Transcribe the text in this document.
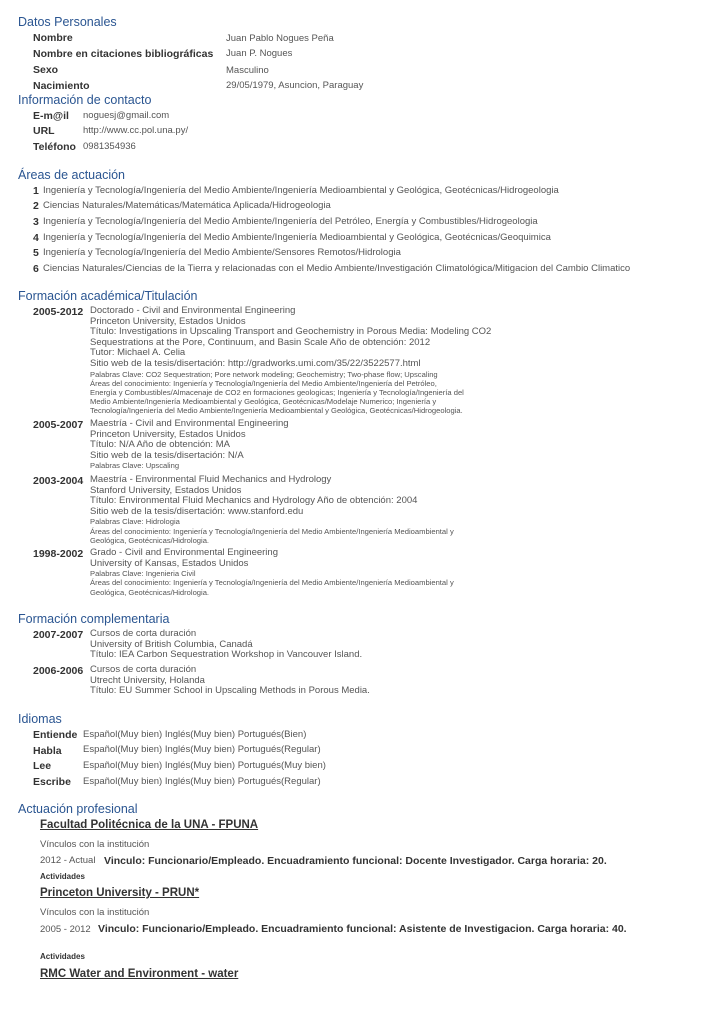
Datos Personales
Nombre	Juan Pablo Nogues Peña
Nombre en citaciones bibliográficas Juan P. Nogues
Sexo	Masculino
Nacimiento	29/05/1979, Asuncion, Paraguay
Información de contacto
E-m@il noguesj@gmail.com
URL	http://www.cc.pol.una.py/
Teléfono 0981354936
Áreas de actuación
1 Ingeniería y Tecnología/Ingeniería del Medio Ambiente/Ingeniería Medioambiental y Geológica, Geotécnicas/Hidrogeologia
2 Ciencias Naturales/Matemáticas/Matemática Aplicada/Hidrogeologia
3 Ingeniería y Tecnología/Ingeniería del Medio Ambiente/Ingeniería del Petróleo, Energía y Combustibles/Hidrogeologia
4 Ingeniería y Tecnología/Ingeniería del Medio Ambiente/Ingeniería Medioambiental y Geológica, Geotécnicas/Geoquimica
5 Ingeniería y Tecnología/Ingeniería del Medio Ambiente/Sensores Remotos/Hidrologia
6 Ciencias Naturales/Ciencias de la Tierra y relacionadas con el Medio Ambiente/Investigación Climatológica/Mitigacion del Cambio Climatico
Formación académica/Titulación
2005-2012 Doctorado - Civil and Environmental Engineering
Princeton University, Estados Unidos
Título: Investigations in Upscaling Transport and Geochemistry in Porous Media: Modeling CO2
Sequestrations at the Pore, Continuum, and Basin Scale Año de obtención: 2012
Tutor: Michael A. Celia
Sitio web de la tesis/disertación: http://gradworks.umi.com/35/22/3522577.html
Palabras Clave: CO2 Sequestration; Pore network modeling; Geochemistry; Two-phase flow; Upscaling
Áreas del conocimiento: Ingeniería y Tecnología/Ingeniería del Medio Ambiente/Ingeniería del Petróleo,
Energía y Combustibles/Almacenaje de CO2 en formaciones geologicas; Ingeniería y Tecnología/Ingeniería del
Medio Ambiente/Ingeniería Medioambiental y Geológica, Geotécnicas/Modelaje Numerico; Ingeniería y
Tecnología/Ingeniería del Medio Ambiente/Ingeniería Medioambiental y Geológica, Geotécnicas/Hidrogeologia.
2005-2007 Maestría - Civil and Environmental Engineering
Princeton University, Estados Unidos
Título: N/A Año de obtención: MA
Sitio web de la tesis/disertación: N/A
Palabras Clave: Upscaling
2003-2004 Maestría - Environmental Fluid Mechanics and Hydrology
Stanford University, Estados Unidos
Título: Environmental Fluid Mechanics and Hydrology Año de obtención: 2004
Sitio web de la tesis/disertación: www.stanford.edu
Palabras Clave: Hidrologia
Áreas del conocimiento: Ingeniería y Tecnología/Ingeniería del Medio Ambiente/Ingeniería Medioambiental y
Geológica, Geotécnicas/Hidrologia.
1998-2002 Grado - Civil and Environmental Engineering
University of Kansas, Estados Unidos
Palabras Clave: Ingenieria Civil
Áreas del conocimiento: Ingeniería y Tecnología/Ingeniería del Medio Ambiente/Ingeniería Medioambiental y
Geológica, Geotécnicas/Hidrologia.
Formación complementaria
2007-2007 Cursos de corta duración
University of British Columbia, Canadá
Título: IEA Carbon Sequestration Workshop in Vancouver Island.
2006-2006 Cursos de corta duración
Utrecht University, Holanda
Título: EU Summer School in Upscaling Methods in Porous Media.
Idiomas
Entiende Español(Muy bien) Inglés(Muy bien) Portugués(Bien)
Habla Español(Muy bien) Inglés(Muy bien) Portugués(Regular)
Lee	Español(Muy bien) Inglés(Muy bien) Portugués(Muy bien)
Escribe Español(Muy bien) Inglés(Muy bien) Portugués(Regular)
Actuación profesional
Facultad Politécnica de la UNA - FPUNA
Vínculos con la institución
2012 - Actual Vinculo: Funcionario/Empleado. Encuadramiento funcional: Docente Investigador. Carga horaria: 20.
Actividades
Princeton University - PRUN*
Vínculos con la institución
2005 - 2012 Vinculo: Funcionario/Empleado. Encuadramiento funcional: Asistente de Investigacion. Carga horaria: 40.
Actividades
RMC Water and Environment - water
